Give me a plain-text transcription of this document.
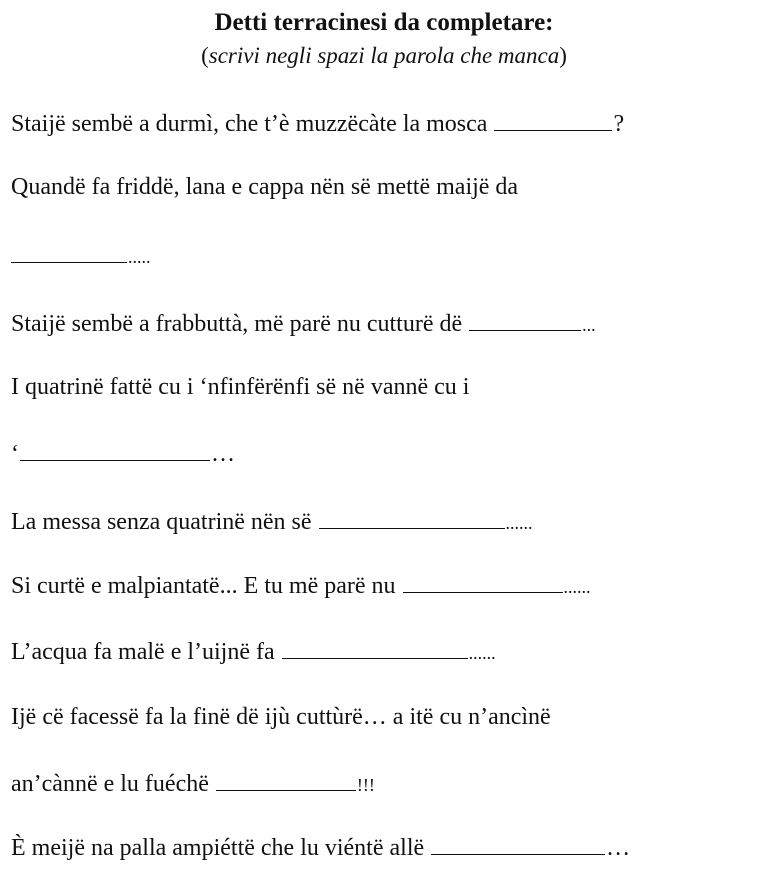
Detti terracinesi da completare:
(scrivi negli spazi la parola che manca)
Staijë sembë a durmì, che t’è muzzëcàte la mosca	?
Quandë fa friddë, lana e cappa nën së mettë maijë da
.....
Staijë sembë a frabbuttà, më parë nu cutturë dë	...
I quatrinë fattë cu i ‘nfinfërënfi së në vannë cu i
‘	…
La messa senza quatrinë nën së	......
Si curtë e malpiantatë... E tu më parë nu	......
L’acqua fa malë e l’uijnë fa	......
Ijë cë facessë fa la finë dë ijù cuttùrë… a itë cu n’ancìnë
an’cànnë e lu fuéchë	!!!
È meijë na palla ampiéttë che lu viéntë allë	…
